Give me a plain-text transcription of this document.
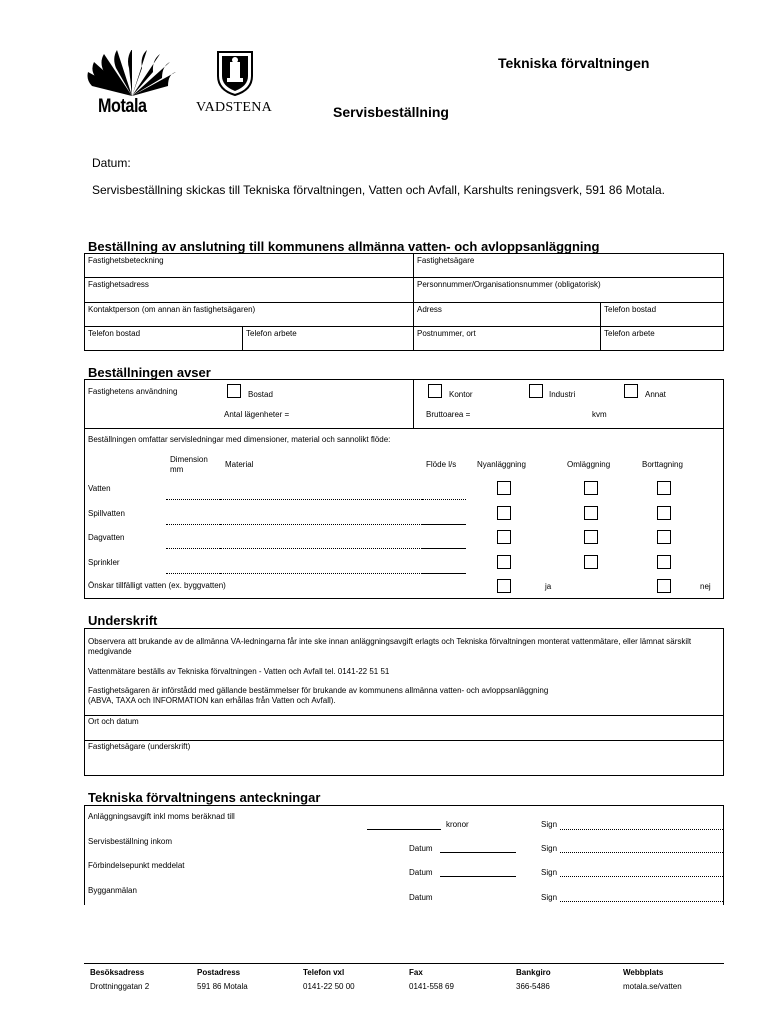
Motala	VADSTENA
Tekniska förvaltningen
Servisbeställning
Datum:
Servisbeställning skickas till Tekniska förvaltningen, Vatten och Avfall, Karshults reningsverk, 591 86 Motala.
Beställning av anslutning till kommunens allmänna vatten- och avloppsanläggning
Fastighetsbeteckning	Fastighetsägare
Fastighetsadress	Personnummer/Organisationsnummer (obligatorisk)
Kontaktperson (om annan än fastighetsägaren)	Adress	Telefon bostad
Telefon bostad	Telefon arbete	Postnummer, ort	Telefon arbete
Beställningen avser
Fastighetens användning	Bostad	Kontor	Industri	Annat
Antal lägenheter =	Bruttoarea =	kvm
Beställningen omfattar servisledningar med dimensioner, material och sannolikt flöde:
Dimension
mm
Material	Flöde l/s	Nyanläggning	Omläggning	Borttagning
Vatten
Spillvatten
Dagvatten
Sprinkler
Önskar tillfälligt vatten (ex. byggvatten)	ja	nej
Underskrift
Observera att brukande av de allmänna VA-ledningarna får inte ske innan anläggningsavgift erlagts och Tekniska förvaltningen monterat vattenmätare, eller lämnat särskilt medgivande
Vattenmätare beställs av Tekniska förvaltningen - Vatten och Avfall tel. 0141-22 51 51
Fastighetsägaren är införstådd med gällande bestämmelser för brukande av kommunens allmänna vatten- och avloppsanläggning
(ABVA, TAXA och INFORMATION kan erhållas från Vatten och Avfall).
Ort och datum
Fastighetsägare (underskrift)
Tekniska förvaltningens anteckningar
Anläggningsavgift inkl moms beräknad till
kronor	Sign
Servisbeställning inkom
Datum	Sign
Förbindelsepunkt meddelat
Datum	Sign
Bygganmälan
Datum	Sign
Besöksadress
Drottninggatan 2
Postadress
591 86 Motala
Telefon vxl
0141-22 50 00
Fax
0141-558 69
Bankgiro
366-5486
Webbplats
motala.se/vatten
